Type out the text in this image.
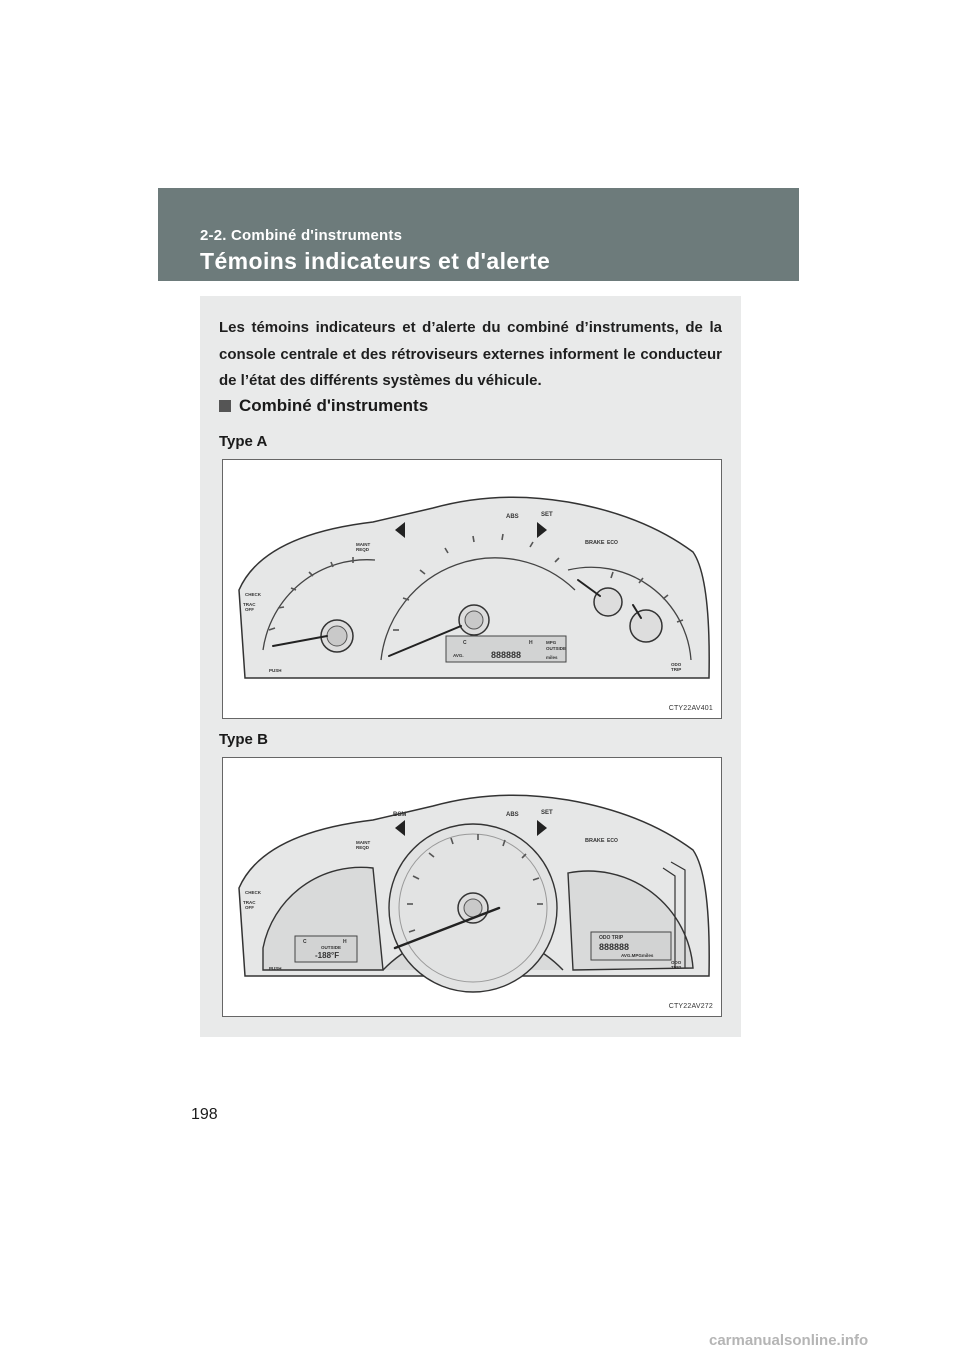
2-2. Combiné d'instruments
Témoins indicateurs et d'alerte
Les témoins indicateurs et d’alerte du combiné d’instruments, de la console centrale et des rétroviseurs externes informent le conducteur de l’état des différents systèmes du véhicule.
Combiné d'instruments
Type A
ABS	SET
BRAKE ECO
MAINT
REQD
CHECK
TRAC
OFF
PUSH
ODO
TRIP
C	H	MPG
OUTSIDE
miles
AVG.	888888
CTY22AV401
Type B
BSM	ABS	SET
BRAKE ECO
MAINT
REQD
CHECK
TRAC
OFF
PUSH
ODO
TRIP
C	H
OUTSIDE
-188°F
ODO TRIP
888888
AVG.MPGmiles
CTY22AV272
198
carmanualsonline.info
